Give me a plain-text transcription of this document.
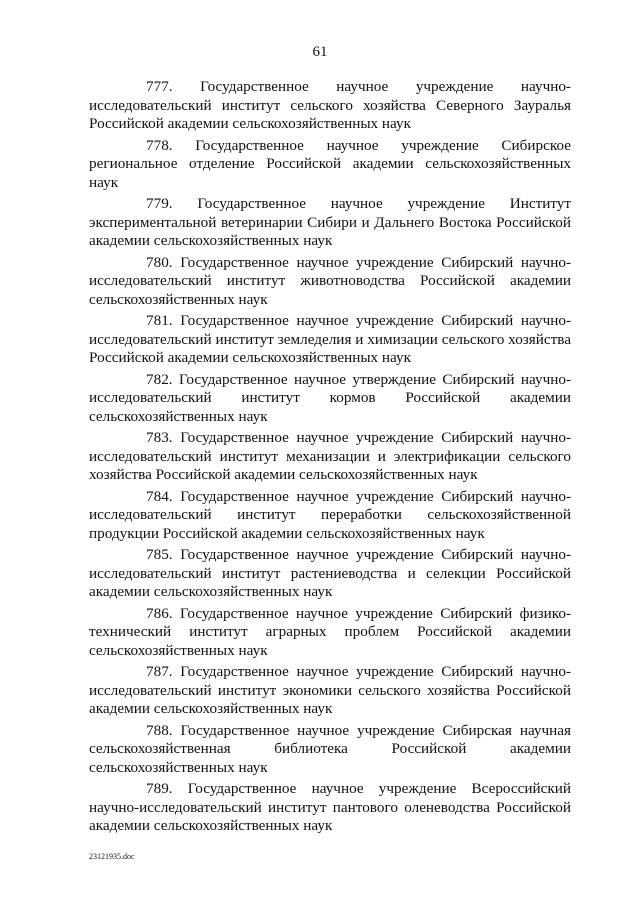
61

777. Государственное научное учреждение научно-исследовательский институт сельского хозяйства Северного Зауралья Российской академии сельскохозяйственных наук

778. Государственное научное учреждение Сибирское региональное отделение Российской академии сельскохозяйственных наук

779. Государственное научное учреждение Институт экспериментальной ветеринарии Сибири и Дальнего Востока Российской академии сельскохозяйственных наук

780. Государственное научное учреждение Сибирский научно-исследовательский институт животноводства Российской академии сельскохозяйственных наук

781. Государственное научное учреждение Сибирский научно-исследовательский институт земледелия и химизации сельского хозяйства Российской академии сельскохозяйственных наук

782. Государственное научное утверждение Сибирский научно-исследовательский институт кормов Российской академии сельскохозяйственных наук

783. Государственное научное учреждение Сибирский научно-исследовательский институт механизации и электрификации сельского хозяйства Российской академии сельскохозяйственных наук

784. Государственное научное учреждение Сибирский научно-исследовательский институт переработки сельскохозяйственной продукции Российской академии сельскохозяйственных наук

785. Государственное научное учреждение Сибирский научно-исследовательский институт растениеводства и селекции Российской академии сельскохозяйственных наук

786. Государственное научное учреждение Сибирский физико-технический институт аграрных проблем Российской академии сельскохозяйственных наук

787. Государственное научное учреждение Сибирский научно-исследовательский институт экономики сельского хозяйства Российской академии сельскохозяйственных наук

788. Государственное научное учреждение Сибирская научная сельскохозяйственная библиотека Российской академии сельскохозяйственных наук

789. Государственное научное учреждение Всероссийский научно-исследовательский институт пантового оленеводства Российской академии сельскохозяйственных наук

23121935.doc
